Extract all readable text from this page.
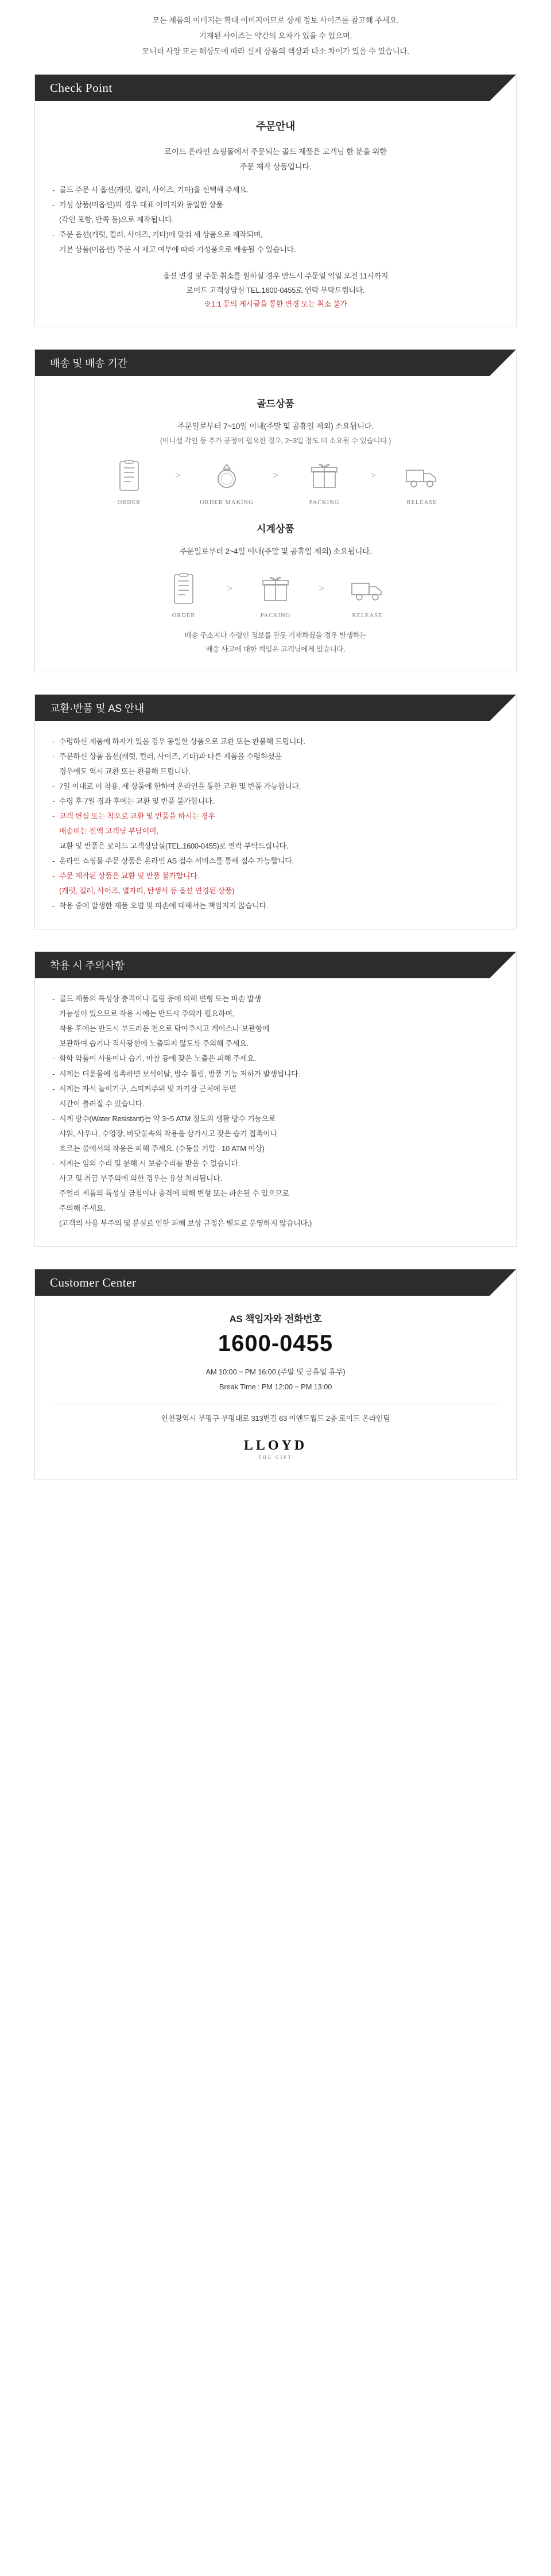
모든 제품의 이미지는 확대 이미지이므로 상세 정보 사이즈를 참고해 주세요.
기재된 사이즈는 약간의 오차가 있을 수 있으며,
모니터 사양 또는 해상도에 따라 실제 상품의 색상과 다소 차이가 있을 수 있습니다.
Check Point
주문안내
로이드 온라인 쇼핑몰에서 주문되는 골드 제품은 고객님 한 분을 위한
주문 제작 상품입니다.
- 골드 주문 시 옵션(캐럿, 컬러, 사이즈, 기타)을 선택해 주세요.
- 기성 상품(미옵션)의 경우 대표 이미지와 동일한 상품
(각인 포함, 반쪽 등)으로 제작됩니다.
- 주문 옵션(캐럿, 컬러, 사이즈, 기타)에 맞춰 새 상품으로 제작되며,
기본 상품(미옵션) 주문 시 재고 여부에 따라 기성품으로 배송될 수 있습니다.
옵션 변경 및 주문 취소를 원하실 경우 반드시 주문일 익일 오전 11시까지
로이드 고객상담실 TEL.1600-0455로 연락 부탁드립니다.
※1:1 문의 게시글을 통한 변경 또는 취소 불가
배송 및 배송 기간
골드상품
주문일로부터 7~10일 이내(주말 및 공휴일 제외) 소요됩니다.
(이니셜 각인 등 추가 공정이 필요한 경우, 2~3일 정도 더 소요될 수 있습니다.)
ORDER
>
ORDER MAKING
>
PACKING
>
RELEASE
시계상품
주문일로부터 2~4일 이내(주말 및 공휴일 제외) 소요됩니다.
ORDER
>
PACKING
>
RELEASE
배송 주소지나 수령인 정보를 잘못 기재하셨을 경우 발생하는
배송 사고에 대한 책임은 고객님에게 있습니다.
교환·반품 및 AS 안내
- 수령하신 제품에 하자가 있을 경우 동일한 상품으로 교환 또는 환불해 드립니다.
- 주문하신 상품 옵션(캐럿, 컬러, 사이즈, 기타)과 다른 제품을 수령하셨을
경우에도 역시 교환 또는 환불해 드립니다.
- 7일 이내로 미 착용, 새 상품에 한하여 온라인을 통한 교환 및 반품 가능합니다.
- 수령 후 7일 경과 후에는 교환 및 반품 불가합니다.
- 고객 변심 또는 착오로 교환 및 반품을 하시는 경우
배송비는 전액 고객님 부담이며,
교환 및 반품은 로이드 고객상담실(TEL.1600-0455)로 연락 부탁드립니다.
- 온라인 쇼핑몰 주문 상품은 온라인 AS 접수 서비스를 통해 접수 가능합니다.
- 주문 제작된 상품은 교환 및 반품 불가합니다.
(캐럿, 컬러, 사이즈, 별자리, 탄생석 등 옵션 변경된 상품)
- 착용 중에 발생한 제품 오염 및 파손에 대해서는 책임지지 않습니다.
착용 시 주의사항
- 골드 제품의 특성상 충격이나 걸림 등에 의해 변형 또는 파손 발생
가능성이 있으므로 착용 시에는 반드시 주의가 필요하며,
착용 후에는 반드시 부드러운 천으로 닦아주시고 케이스나 보관함에
보관하여 습기나 직사광선에 노출되지 않도록 주의해 주세요.
- 화학 약품이 사용이나 습기, 마찰 등에 잦은 노출은 피해 주세요.
- 시계는 더운물에 접촉하면 보석이탈, 방수 풀림, 방품 기능 저하가 발생됩니다.
- 시계는 자석 놀이기구, 스피커주위 및 자기장 근처에 두면
시간이 틀려질 수 있습니다.
- 시계 방수(Water Resistant)는 약 3~5 ATM 정도의 생활 방수 기능으로
샤워, 사우나, 수영장, 바닷물속의 착용을 삼가시고 잦은 습기 접촉이나
흐르는 물에서의 착용은 피해 주세요. (수동물 기압 - 10 ATM 이상)
- 시계는 임의 수리 및 분해 시 보증수리를 받을 수 없습니다.
사고 및 취급 부주의에 의한 경우는 유상 처리됩니다.
주얼리 제품의 특성상 금침이나 충격에 의해 변형 또는 파손될 수 있으므로
주의해 주세요.
(고객의 사용 부주의 및 분실로 인한 피해 보상 규정은 별도로 운영하지 않습니다.)
Customer Center
AS 책임자와 전화번호
1600-0455
AM 10:00 ~ PM 16:00 (주말 및 공휴일 휴무)
Break Time : PM 12:00 ~ PM 13:00
인천광역시 부평구 부평대로 313번길 63 이앤드월드 2층 로이드 온라인팀
LLOYD
THE GIFT
